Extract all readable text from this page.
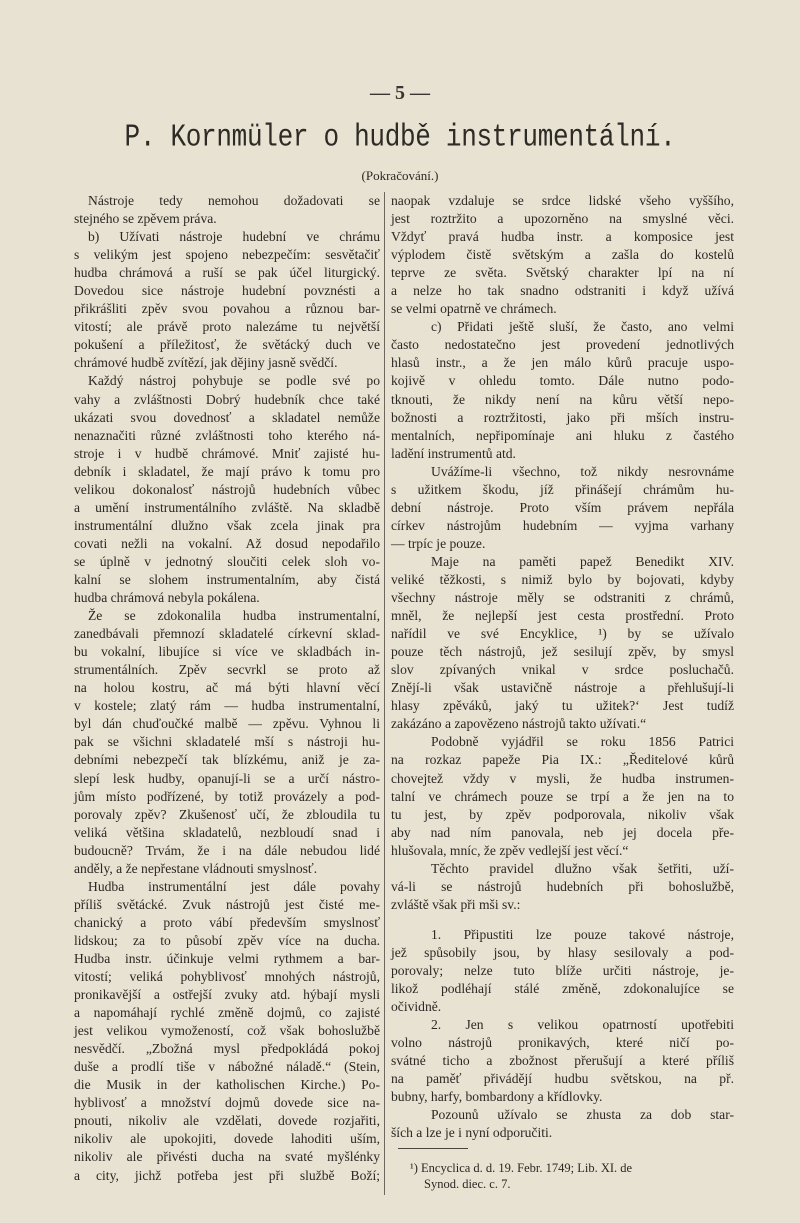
— 5 —
P. Kornmüler o hudbě instrumentální.
(Pokračování.)
Nástroje tedy nemohou dožadovati se
stejného se zpěvem práva.
b) Užívati nástroje hudební ve chrámu
s velikým jest spojeno nebezpečím: sesvětačiť
hudba chrámová a ruší se pak účel liturgický.
Dovedou sice nástroje hudební povznésti a
přikrášliti zpěv svou povahou a různou bar-
vitostí; ale právě proto nalezáme tu největší
pokušení a příležitosť, že světácký duch ve
chrámové hudbě zvítězí, jak dějiny jasně svědčí.
Každý nástroj pohybuje se podle své po
vahy a zvláštnosti Dobrý hudebník chce také
ukázati svou dovednosť a skladatel nemůže
nenaznačiti různé zvláštnosti toho kterého ná-
stroje i v hudbě chrámové. Mniť zajisté hu-
debník i skladatel, že mají právo k tomu pro
velikou dokonalosť nástrojů hudebních vůbec
a umění instrumentálního zvláště. Na skladbě
instrumentální dlužno však zcela jinak pra
covati nežli na vokalní. Až dosud nepodařilo
se úplně v jednotný sloučiti celek sloh vo-
kalní se slohem instrumentalním, aby čistá
hudba chrámová nebyla pokálena.
Že se zdokonalila hudba instrumentalní,
zanedbávali přemnozí skladatelé církevní sklad-
bu vokalní, libujíce si více ve skladbách in-
strumentálních. Zpěv secvrkl se proto až
na holou kostru, ač má býti hlavní věcí
v kostele; zlatý rám — hudba instrumentalní,
byl dán chuďoučké malbě — zpěvu. Vyhnou li
pak se všichni skladatelé mší s nástroji hu-
debními nebezpečí tak blízkému, aniž je za-
slepí lesk hudby, opanují-li se a určí nástro-
jům místo podřízené, by totiž provázely a pod-
porovaly zpěv? Zkušenosť učí, že zbloudila tu
veliká většina skladatelů, nezbloudí snad i
budoucně? Trvám, že i na dále nebudou lidé
anděly, a že nepřestane vládnouti smyslnosť.
Hudba instrumentální jest dále povahy
příliš světácké. Zvuk nástrojů jest čisté me-
chanický a proto vábí především smyslnosť
lidskou; za to působí zpěv více na ducha.
Hudba instr. účinkuje velmi rythmem a bar-
vitostí; veliká pohyblivosť mnohých nástrojů,
pronikavější a ostřejší zvuky atd. hýbají mysli
a napomáhají rychlé změně dojmů, co zajisté
jest velikou vymožeností, což však bohoslužbě
nesvědčí. „Zbožná mysl předpokládá pokoj
duše a prodlí tiše v nábožné náladě.“ (Stein,
die Musik in der katholischen Kirche.) Po-
hyblivosť a množství dojmů dovede sice na-
pnouti, nikoliv ale vzdělati, dovede rozjařiti,
nikoliv ale upokojiti, dovede lahoditi uším,
nikoliv ale přivésti ducha na svaté myšlénky
a city, jichž potřeba jest při službě Boží;
naopak vzdaluje se srdce lidské všeho vyššího,
jest roztržito a upozorněno na smyslné věci.
Vždyť pravá hudba instr. a komposice jest
výplodem čistě světským a zašla do kostelů
teprve ze světa. Světský charakter lpí na ní
a nelze ho tak snadno odstraniti i když užívá
se velmi opatrně ve chrámech.
c) Přidati ještě sluší, že často, ano velmi
často nedostatečno jest provedení jednotlivých
hlasů instr., a že jen málo kůrů pracuje uspo-
kojivě v ohledu tomto. Dále nutno podo-
tknouti, že nikdy není na kůru větší nepo-
božnosti a roztržitosti, jako při mších instru-
mentalních, nepřipomínaje ani hluku z častého
ladění instrumentů atd.
Uvážíme-li všechno, tož nikdy nesrovnáme
s užitkem škodu, jíž přinášejí chrámům hu-
dební nástroje. Proto vším právem nepřála
církev nástrojům hudebním — vyjma varhany
— trpíc je pouze.
Maje na paměti papež Benedikt XIV.
veliké těžkosti, s nimiž bylo by bojovati, kdyby
všechny nástroje měly se odstraniti z chrámů,
mněl, že nejlepší jest cesta prostřední. Proto
nařídil ve své Encyklice, ¹) by se užívalo
pouze těch nástrojů, jež sesilují zpěv, by smysl
slov zpívaných vnikal v srdce posluchačů.
Znějí-li však ustavičně nástroje a přehlušují-li
hlasy zpěváků, jaký tu užitek?‘ Jest tudíž
zakázáno a zapovězeno nástrojů takto užívati.“
Podobně vyjádřil se roku 1856 Patrici
na rozkaz papeže Pia IX.: „Ředitelové kůrů
chovejtež vždy v mysli, že hudba instrumen-
talní ve chrámech pouze se trpí a že jen na to
tu jest, by zpěv podporovala, nikoliv však
aby nad ním panovala, neb jej docela pře-
hlušovala, mníc, že zpěv vedlejší jest věcí.“
Těchto pravidel dlužno však šetřiti, uží-
vá-li se nástrojů hudebních při bohoslužbě,
zvláště však při mši sv.:
1. Připustiti lze pouze takové nástroje,
jež spůsobily jsou, by hlasy sesilovaly a pod-
porovaly; nelze tuto blíže určiti nástroje, je-
likož podléhají stálé změně, zdokonalujíce se
očividně.
2. Jen s velikou opatrností upotřebiti
volno nástrojů pronikavých, které ničí po-
svátné ticho a zbožnost přerušují a které příliš
na paměť přivádějí hudbu světskou, na př.
bubny, harfy, bombardony a křídlovky.
Pozounů užívalo se zhusta za dob star-
ších a lze je i nyní odporučiti.
¹) Encyclica d. d. 19. Febr. 1749; Lib. XI. de
Synod. diec. c. 7.
